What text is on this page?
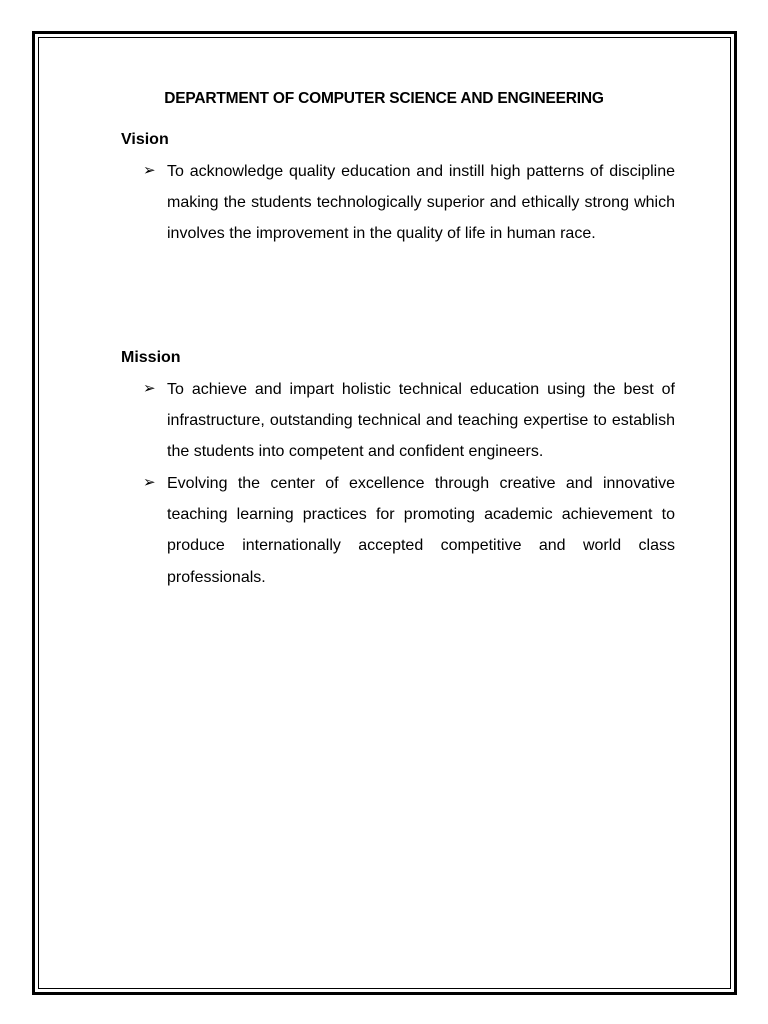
DEPARTMENT OF COMPUTER SCIENCE AND ENGINEERING
Vision
➢ To acknowledge quality education and instill high patterns of discipline making the students technologically superior and ethically strong which involves the improvement in the quality of life in human race.
Mission
➢ To achieve and impart holistic technical education using the best of infrastructure, outstanding technical and teaching expertise to establish the students into competent and confident engineers.
➢ Evolving the center of excellence through creative and innovative teaching learning practices for promoting academic achievement to produce internationally accepted competitive and world class professionals.
